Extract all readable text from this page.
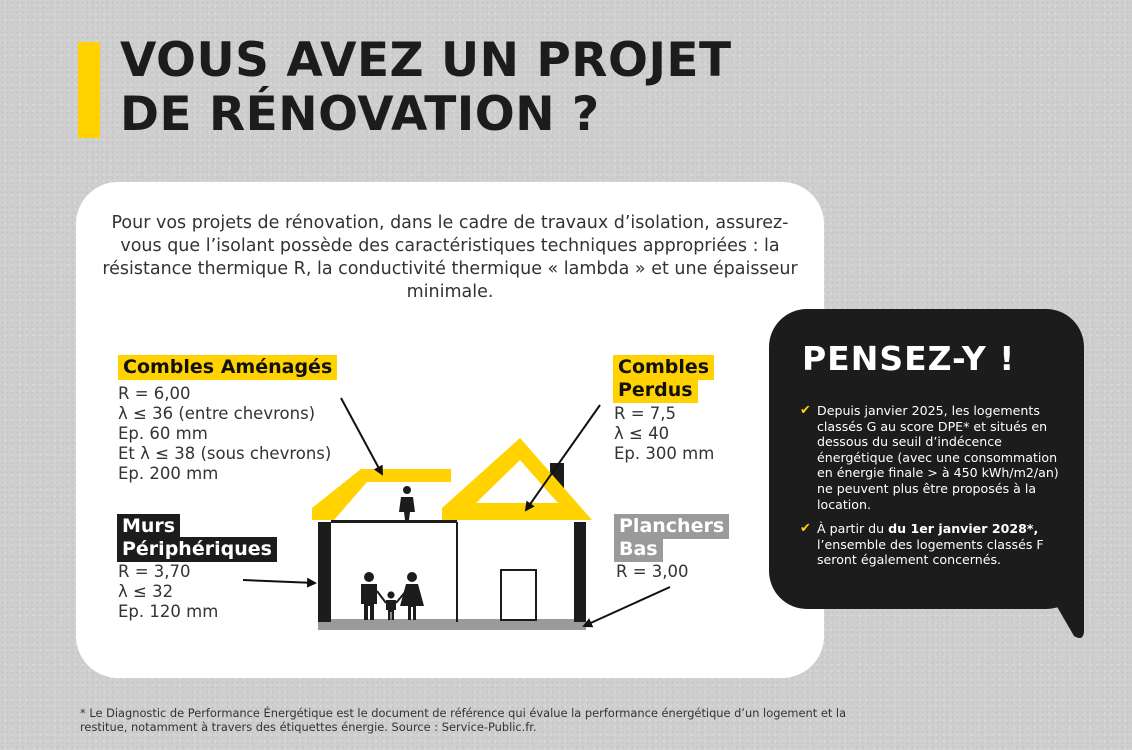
VOUS AVEZ UN PROJET
DE RÉNOVATION ?

Pour vos projets de rénovation, dans le cadre de travaux d’isolation, assurez- vous que l’isolant possède des caractéristiques techniques appropriées : la résistance thermique R, la conductivité thermique « lambda » et une épaisseur minimale.

Combles Aménagés
R = 6,00
λ ≤ 36 (entre chevrons)
Ep. 60 mm
Et λ ≤ 38 (sous chevrons)
Ep. 200 mm
Combles
Perdus
R = 7,5
λ ≤ 40
Ep. 300 mm
Murs
Périphériques
R = 3,70
λ ≤ 32
Ep. 120 mm
Planchers
Bas
R = 3,00
PENSEZ-Y !
✔ Depuis janvier 2025, les logements classés G au score DPE* et situés en dessous du seuil d’indécence énergétique (avec une consommation en énergie finale > à 450 kWh/m2/an) ne peuvent plus être proposés à la location.
✔ À partir du du 1er janvier 2028*, l’ensemble des logements classés F seront également concernés.

* Le Diagnostic de Performance Énergétique est le document de référence qui évalue la performance énergétique d’un logement et la restitue, notamment à travers des étiquettes énergie. Source : Service-Public.fr.
